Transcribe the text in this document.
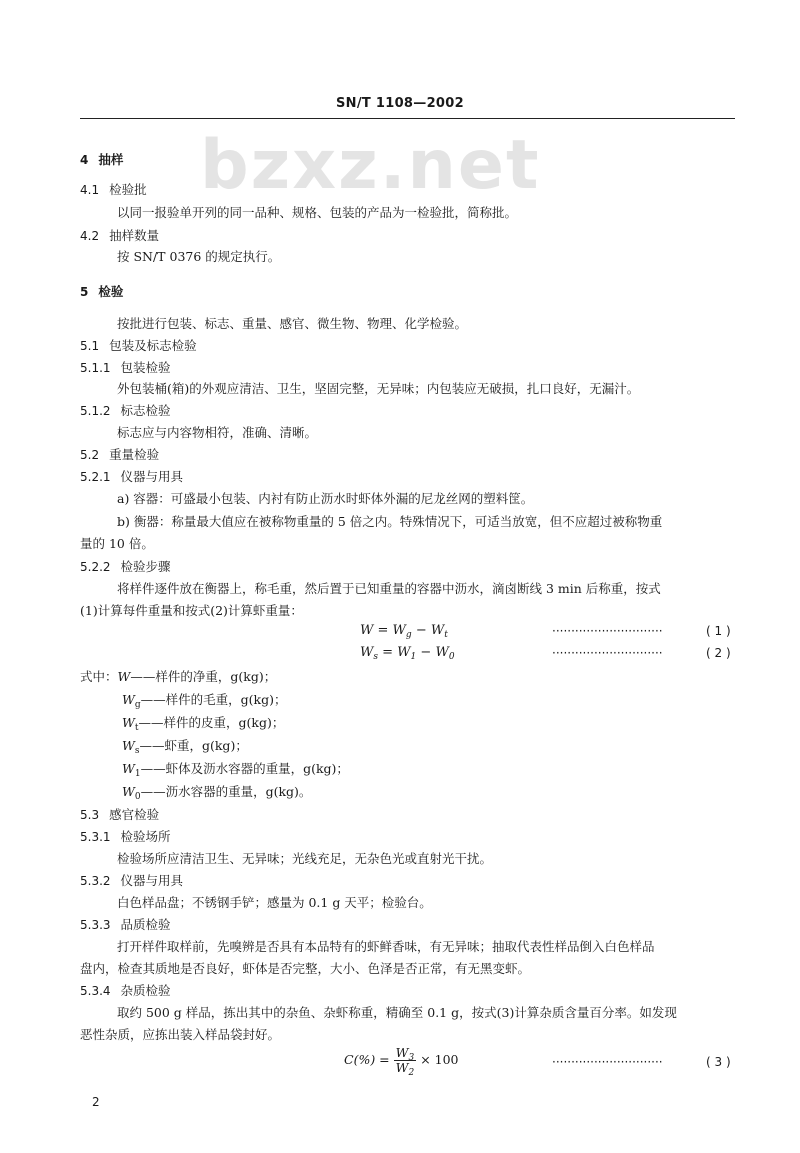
SN/T 1108—2002
bzxz.net
4 抽样
4.1 检验批
以同一报验单开列的同一品种、规格、包装的产品为一检验批，简称批。
4.2 抽样数量
按 SN/T 0376 的规定执行。
5 检验
按批进行包装、标志、重量、感官、微生物、物理、化学检验。
5.1 包装及标志检验
5.1.1 包装检验
外包装桶(箱)的外观应清洁、卫生，坚固完整，无异味；内包装应无破损，扎口良好，无漏汁。
5.1.2 标志检验
标志应与内容物相符，准确、清晰。
5.2 重量检验
5.2.1 仪器与用具
a) 容器：可盛最小包装、内衬有防止沥水时虾体外漏的尼龙丝网的塑料筐。
b) 衡器：称量最大值应在被称物重量的 5 倍之内。特殊情况下，可适当放宽，但不应超过被称物重
量的 10 倍。
5.2.2 检验步骤
将样件逐件放在衡器上，称毛重，然后置于已知重量的容器中沥水，滴卤断线 3 min 后称重，按式
(1)计算每件重量和按式(2)计算虾重量：
$W = W_g - W_t$	·····························	( 1 )
$W_s = W_1 - W_0$	·····························	( 2 )
式中：W——样件的净重，g(kg)；
$W_g——$样件的毛重，g(kg)；
$W_t——$样件的皮重，g(kg)；
$W_s——$虾重，g(kg)；
$W_1——$虾体及沥水容器的重量，g(kg)；
$W_0——$沥水容器的重量，g(kg)。
5.3 感官检验
5.3.1 检验场所
检验场所应清洁卫生、无异味；光线充足，无杂色光或直射光干扰。
5.3.2 仪器与用具
白色样品盘；不锈钢手铲；感量为 0.1 g 天平；检验台。
5.3.3 品质检验
打开样件取样前，先嗅辨是否具有本品特有的虾鲜香味，有无异味；抽取代表性样品倒入白色样品
盘内，检查其质地是否良好，虾体是否完整，大小、色泽是否正常，有无黑变虾。
5.3.4 杂质检验
取约 500 g 样品，拣出其中的杂鱼、杂虾称重，精确至 0.1 g，按式(3)计算杂质含量百分率。如发现
恶性杂质，应拣出装入样品袋封好。
$C(\%) = \frac{W_3}{W_2} \times 100$	·····························	( 3 )
2
